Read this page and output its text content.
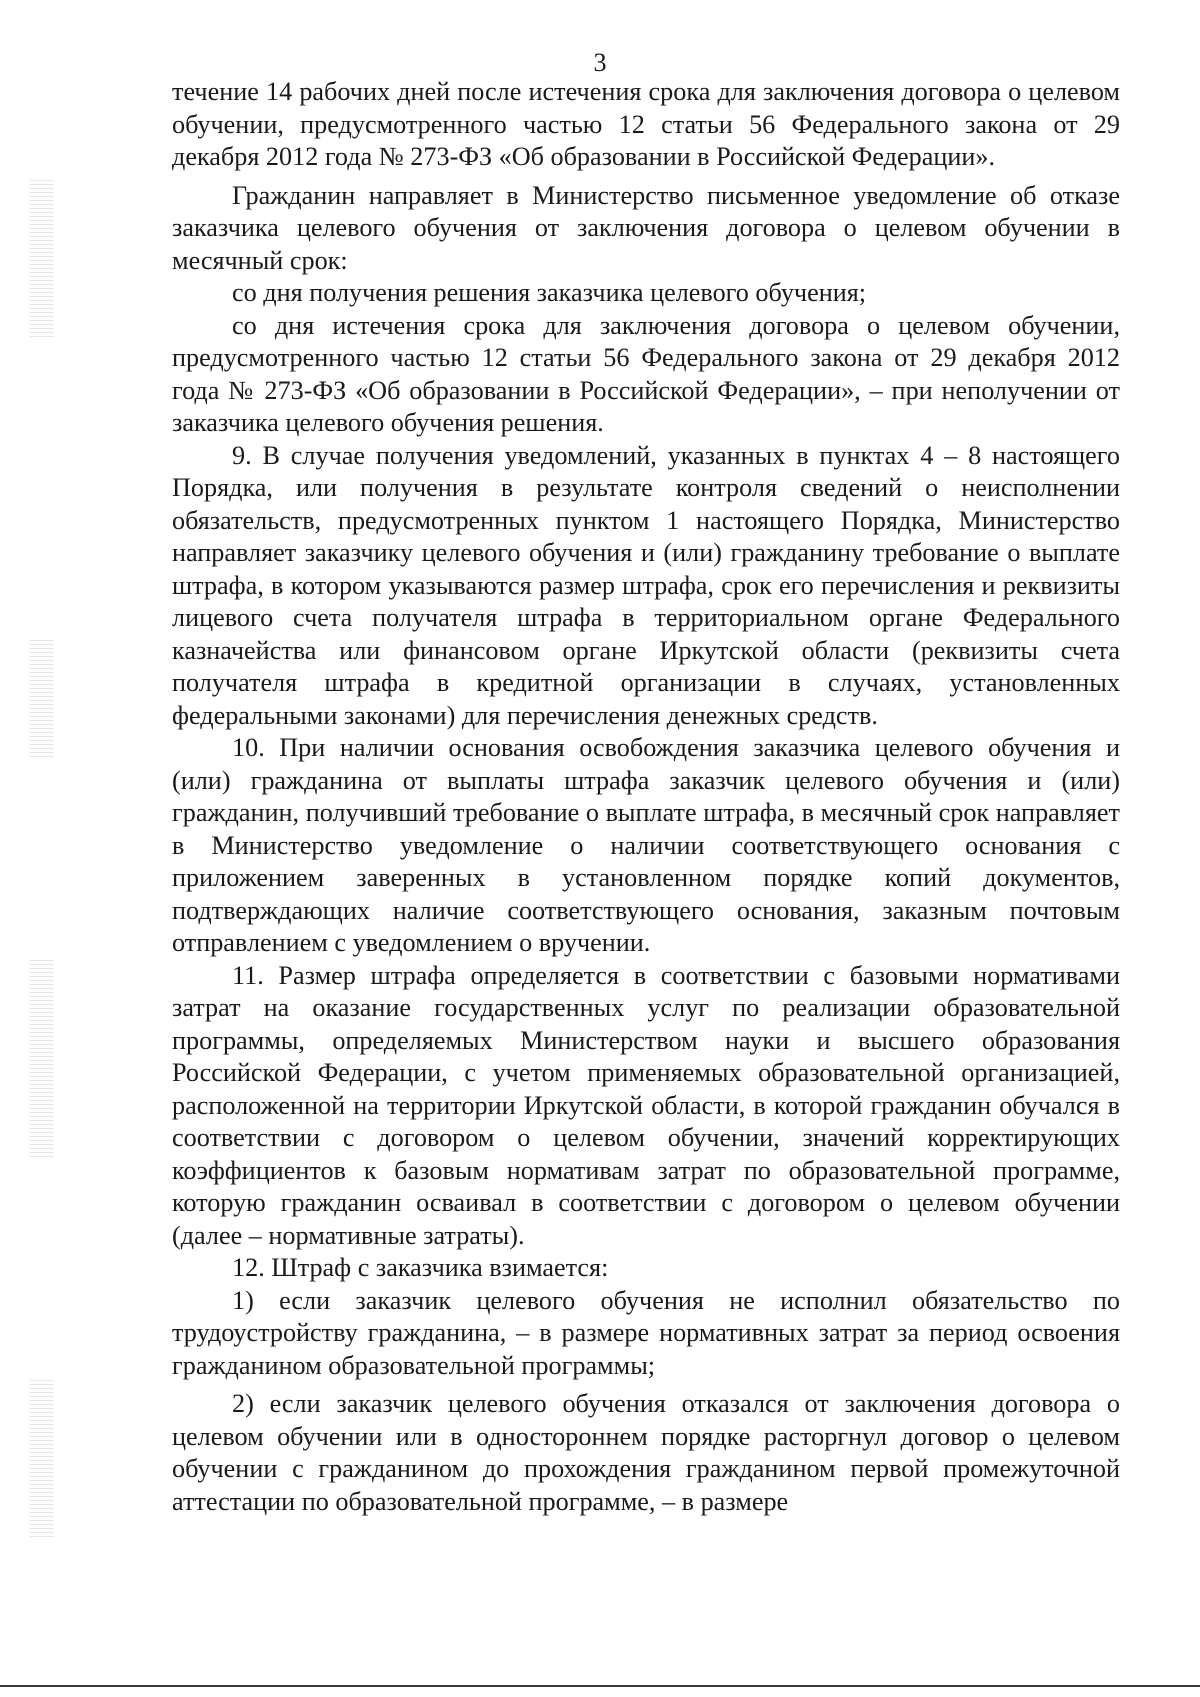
3

течение 14 рабочих дней после истечения срока для заключения договора о целевом обучении, предусмотренного частью 12 статьи 56 Федерального закона от 29 декабря 2012 года № 273-ФЗ «Об образовании в Российской Федерации».

Гражданин направляет в Министерство письменное уведомление об отказе заказчика целевого обучения от заключения договора о целевом обучении в месячный срок:

со дня получения решения заказчика целевого обучения;

со дня истечения срока для заключения договора о целевом обучении, предусмотренного частью 12 статьи 56 Федерального закона от 29 декабря 2012 года № 273-ФЗ «Об образовании в Российской Федерации», – при неполучении от заказчика целевого обучения решения.

9. В случае получения уведомлений, указанных в пунктах 4 – 8 настоящего Порядка, или получения в результате контроля сведений о неисполнении обязательств, предусмотренных пунктом 1 настоящего Порядка, Министерство направляет заказчику целевого обучения и (или) гражданину требование о выплате штрафа, в котором указываются размер штрафа, срок его перечисления и реквизиты лицевого счета получателя штрафа в территориальном органе Федерального казначейства или финансовом органе Иркутской области (реквизиты счета получателя штрафа в кредитной организации в случаях, установленных федеральными законами) для перечисления денежных средств.

10. При наличии основания освобождения заказчика целевого обучения и (или) гражданина от выплаты штрафа заказчик целевого обучения и (или) гражданин, получивший требование о выплате штрафа, в месячный срок направляет в Министерство уведомление о наличии соответствующего основания с приложением заверенных в установленном порядке копий документов, подтверждающих наличие соответствующего основания, заказным почтовым отправлением с уведомлением о вручении.

11. Размер штрафа определяется в соответствии с базовыми нормативами затрат на оказание государственных услуг по реализации образовательной программы, определяемых Министерством науки и высшего образования Российской Федерации, с учетом применяемых образовательной организацией, расположенной на территории Иркутской области, в которой гражданин обучался в соответствии с договором о целевом обучении, значений корректирующих коэффициентов к базовым нормативам затрат по образовательной программе, которую гражданин осваивал в соответствии с договором о целевом обучении (далее – нормативные затраты).

12. Штраф с заказчика взимается:

1) если заказчик целевого обучения не исполнил обязательство по трудоустройству гражданина, – в размере нормативных затрат за период освоения гражданином образовательной программы;

2) если заказчик целевого обучения отказался от заключения договора о целевом обучении или в одностороннем порядке расторгнул договор о целевом обучении с гражданином до прохождения гражданином первой промежуточной аттестации по образовательной программе, – в размере
